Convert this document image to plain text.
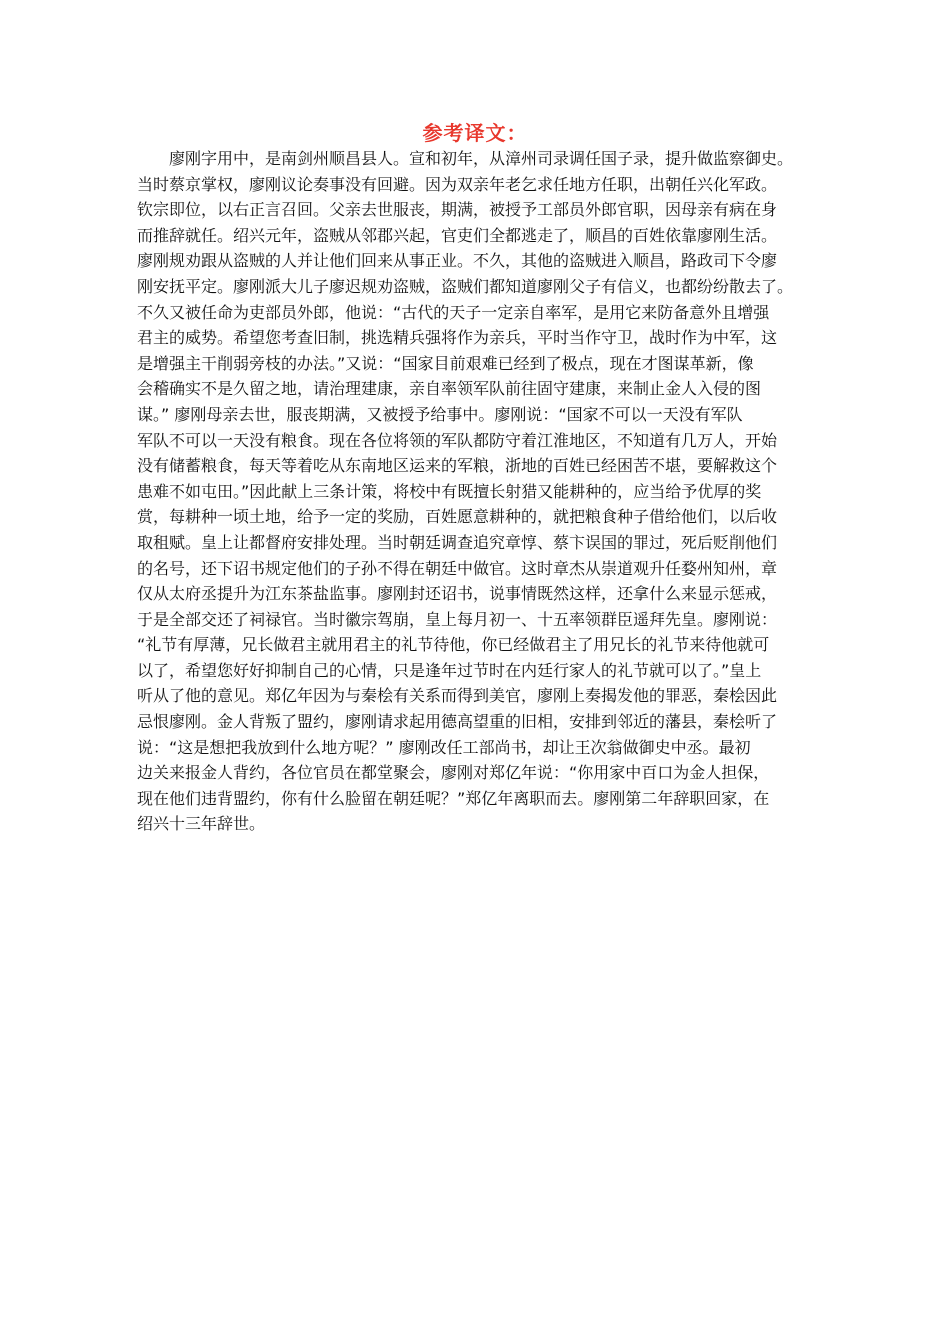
参考译文：
廖刚字用中，是南剑州顺昌县人。宣和初年，从漳州司录调任国子录，提升做监察御史。
当时蔡京掌权，廖刚议论奏事没有回避。因为双亲年老乞求任地方任职，出朝任兴化军政。
钦宗即位，以右正言召回。父亲去世服丧，期满，被授予工部员外郎官职，因母亲有病在身
而推辞就任。绍兴元年，盗贼从邻郡兴起，官吏们全都逃走了，顺昌的百姓依靠廖刚生活。
廖刚规劝跟从盗贼的人并让他们回来从事正业。不久，其他的盗贼进入顺昌，路政司下令廖
刚安抚平定。廖刚派大儿子廖迟规劝盗贼，盗贼们都知道廖刚父子有信义，也都纷纷散去了。
不久又被任命为吏部员外郎，他说：“古代的天子一定亲自率军，是用它来防备意外且增强
君主的威势。希望您考查旧制，挑选精兵强将作为亲兵，平时当作守卫，战时作为中军，这
是增强主干削弱旁枝的办法。”又说：“国家目前艰难已经到了极点，现在才图谋革新，像
会稽确实不是久留之地，请治理建康，亲自率领军队前往固守建康，来制止金人入侵的图
谋。” 廖刚母亲去世，服丧期满，又被授予给事中。廖刚说：“国家不可以一天没有军队
军队不可以一天没有粮食。现在各位将领的军队都防守着江淮地区，不知道有几万人，开始
没有储蓄粮食，每天等着吃从东南地区运来的军粮，浙地的百姓已经困苦不堪，要解救这个
患难不如屯田。”因此献上三条计策，将校中有既擅长射猎又能耕种的，应当给予优厚的奖
赏，每耕种一顷土地，给予一定的奖励，百姓愿意耕种的，就把粮食种子借给他们，以后收
取租赋。皇上让都督府安排处理。当时朝廷调查追究章惇、蔡卞误国的罪过，死后贬削他们
的名号，还下诏书规定他们的子孙不得在朝廷中做官。这时章杰从崇道观升任婺州知州，章
仅从太府丞提升为江东茶盐监事。廖刚封还诏书，说事情既然这样，还拿什么来显示惩戒，
于是全部交还了祠禄官。当时徽宗驾崩，皇上每月初一、十五率领群臣遥拜先皇。廖刚说：
“礼节有厚薄，兄长做君主就用君主的礼节待他，你已经做君主了用兄长的礼节来待他就可
以了，希望您好好抑制自己的心情，只是逢年过节时在内廷行家人的礼节就可以了。”皇上
听从了他的意见。郑亿年因为与秦桧有关系而得到美官，廖刚上奏揭发他的罪恶，秦桧因此
忌恨廖刚。金人背叛了盟约，廖刚请求起用德高望重的旧相，安排到邻近的藩县，秦桧听了
说：“这是想把我放到什么地方呢？” 廖刚改任工部尚书，却让王次翁做御史中丞。最初
边关来报金人背约，各位官员在都堂聚会，廖刚对郑亿年说：“你用家中百口为金人担保，
现在他们违背盟约，你有什么脸留在朝廷呢？”郑亿年离职而去。廖刚第二年辞职回家，在
绍兴十三年辞世。
